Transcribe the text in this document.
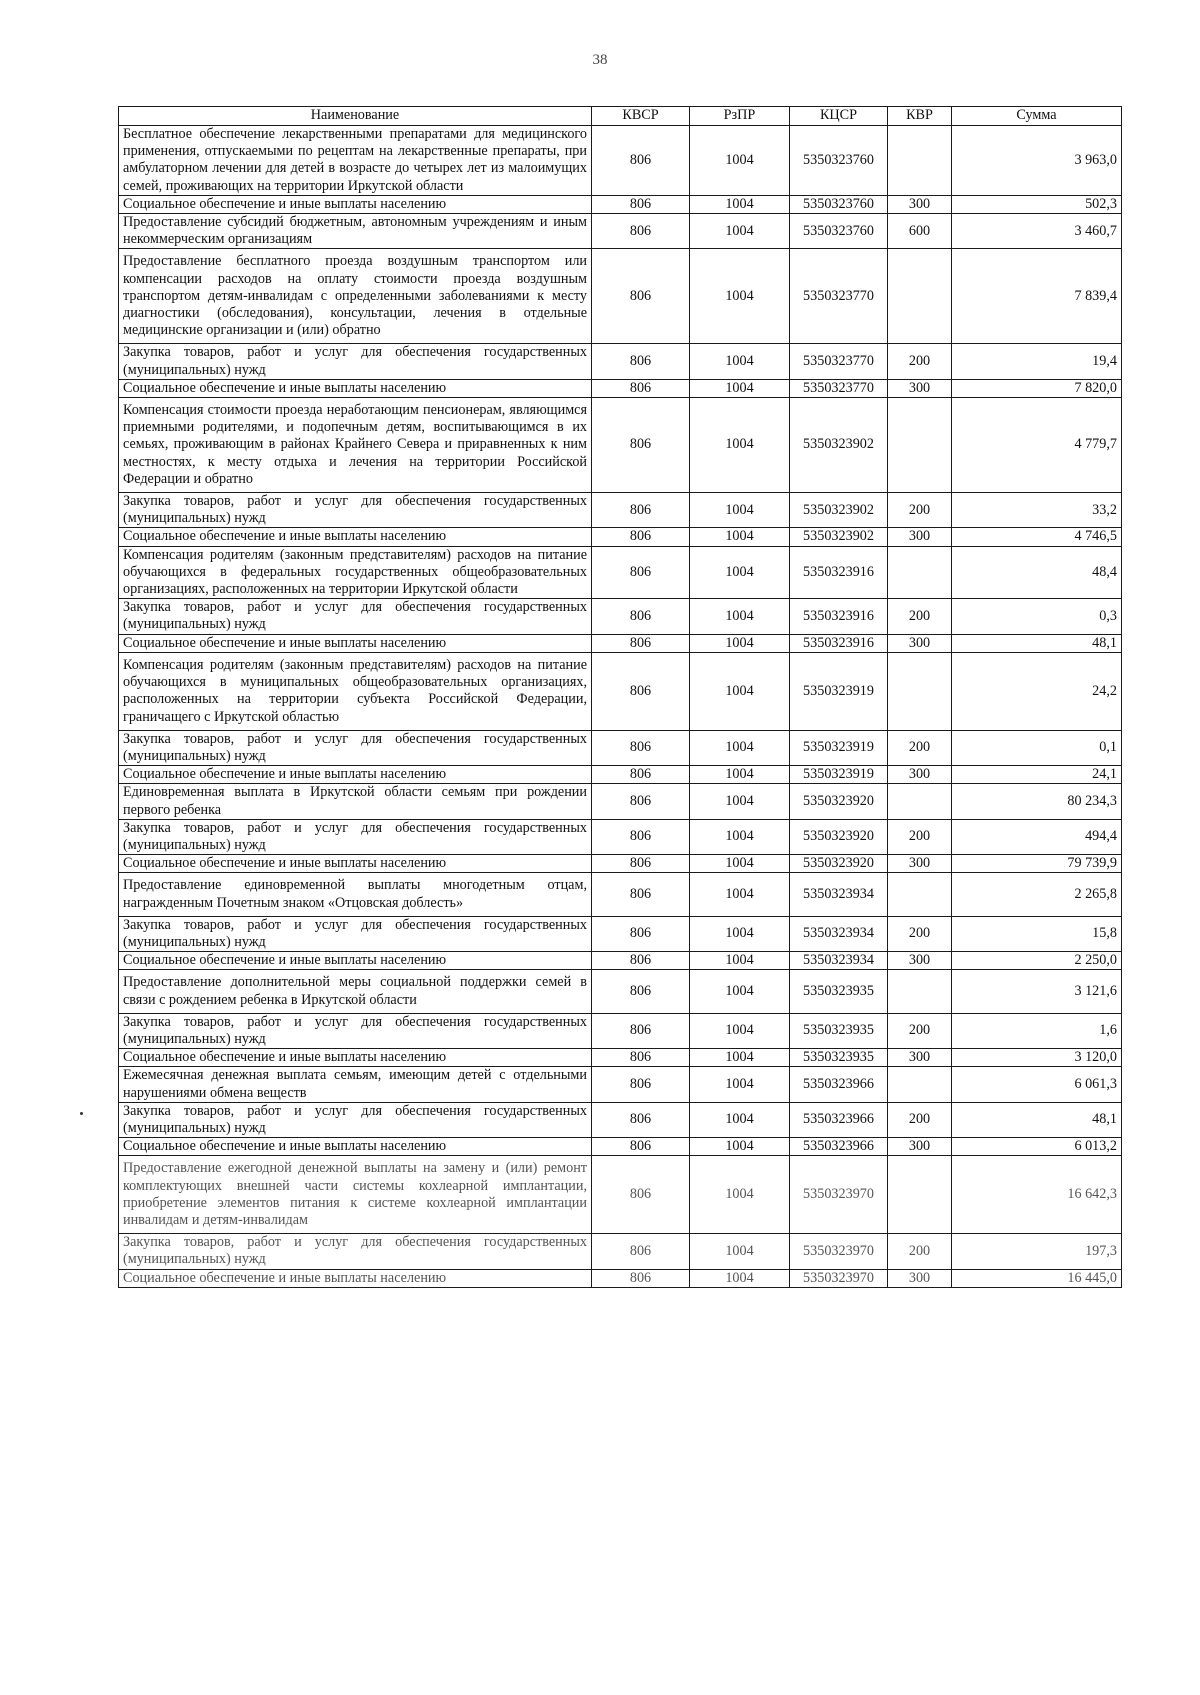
38
Наименование	КВСР	РзПР	КЦСР	КВР	Сумма
Бесплатное обеспечение лекарственными препаратами для медицинского применения, отпускаемыми по рецептам на лекарственные препараты, при амбулаторном лечении для детей в возрасте до четырех лет из малоимущих семей, проживающих на территории Иркутской области	806	1004	5350323760		3 963,0
Социальное обеспечение и иные выплаты населению	806	1004	5350323760	300	502,3
Предоставление субсидий бюджетным, автономным учреждениям и иным некоммерческим организациям	806	1004	5350323760	600	3 460,7
Предоставление бесплатного проезда воздушным транспортом или компенсации расходов на оплату стоимости проезда воздушным транспортом детям-инвалидам с определенными заболеваниями к месту диагностики (обследования), консультации, лечения в отдельные медицинские организации и (или) обратно	806	1004	5350323770		7 839,4
Закупка товаров, работ и услуг для обеспечения государственных (муниципальных) нужд	806	1004	5350323770	200	19,4
Социальное обеспечение и иные выплаты населению	806	1004	5350323770	300	7 820,0
Компенсация стоимости проезда неработающим пенсионерам, являющимся приемными родителями, и подопечным детям, воспитывающимся в их семьях, проживающим в районах Крайнего Севера и приравненных к ним местностях, к месту отдыха и лечения на территории Российской Федерации и обратно	806	1004	5350323902		4 779,7
Закупка товаров, работ и услуг для обеспечения государственных (муниципальных) нужд	806	1004	5350323902	200	33,2
Социальное обеспечение и иные выплаты населению	806	1004	5350323902	300	4 746,5
Компенсация родителям (законным представителям) расходов на питание обучающихся в федеральных государственных общеобразовательных организациях, расположенных на территории Иркутской области	806	1004	5350323916		48,4
Закупка товаров, работ и услуг для обеспечения государственных (муниципальных) нужд	806	1004	5350323916	200	0,3
Социальное обеспечение и иные выплаты населению	806	1004	5350323916	300	48,1
Компенсация родителям (законным представителям) расходов на питание обучающихся в муниципальных общеобразовательных организациях, расположенных на территории субъекта Российской Федерации, граничащего с Иркутской областью	806	1004	5350323919		24,2
Закупка товаров, работ и услуг для обеспечения государственных (муниципальных) нужд	806	1004	5350323919	200	0,1
Социальное обеспечение и иные выплаты населению	806	1004	5350323919	300	24,1
Единовременная выплата в Иркутской области семьям при рождении первого ребенка	806	1004	5350323920		80 234,3
Закупка товаров, работ и услуг для обеспечения государственных (муниципальных) нужд	806	1004	5350323920	200	494,4
Социальное обеспечение и иные выплаты населению	806	1004	5350323920	300	79 739,9
Предоставление единовременной выплаты многодетным отцам, награжденным Почетным знаком «Отцовская доблесть»	806	1004	5350323934		2 265,8
Закупка товаров, работ и услуг для обеспечения государственных (муниципальных) нужд	806	1004	5350323934	200	15,8
Социальное обеспечение и иные выплаты населению	806	1004	5350323934	300	2 250,0
Предоставление дополнительной меры социальной поддержки семей в связи с рождением ребенка в Иркутской области	806	1004	5350323935		3 121,6
Закупка товаров, работ и услуг для обеспечения государственных (муниципальных) нужд	806	1004	5350323935	200	1,6
Социальное обеспечение и иные выплаты населению	806	1004	5350323935	300	3 120,0
Ежемесячная денежная выплата семьям, имеющим детей с отдельными нарушениями обмена веществ	806	1004	5350323966		6 061,3
Закупка товаров, работ и услуг для обеспечения государственных (муниципальных) нужд	806	1004	5350323966	200	48,1
Социальное обеспечение и иные выплаты населению	806	1004	5350323966	300	6 013,2
Предоставление ежегодной денежной выплаты на замену и (или) ремонт комплектующих внешней части системы кохлеарной имплантации, приобретение элементов питания к системе кохлеарной имплантации инвалидам и детям-инвалидам	806	1004	5350323970		16 642,3
Закупка товаров, работ и услуг для обеспечения государственных (муниципальных) нужд	806	1004	5350323970	200	197,3
Социальное обеспечение и иные выплаты населению	806	1004	5350323970	300	16 445,0
